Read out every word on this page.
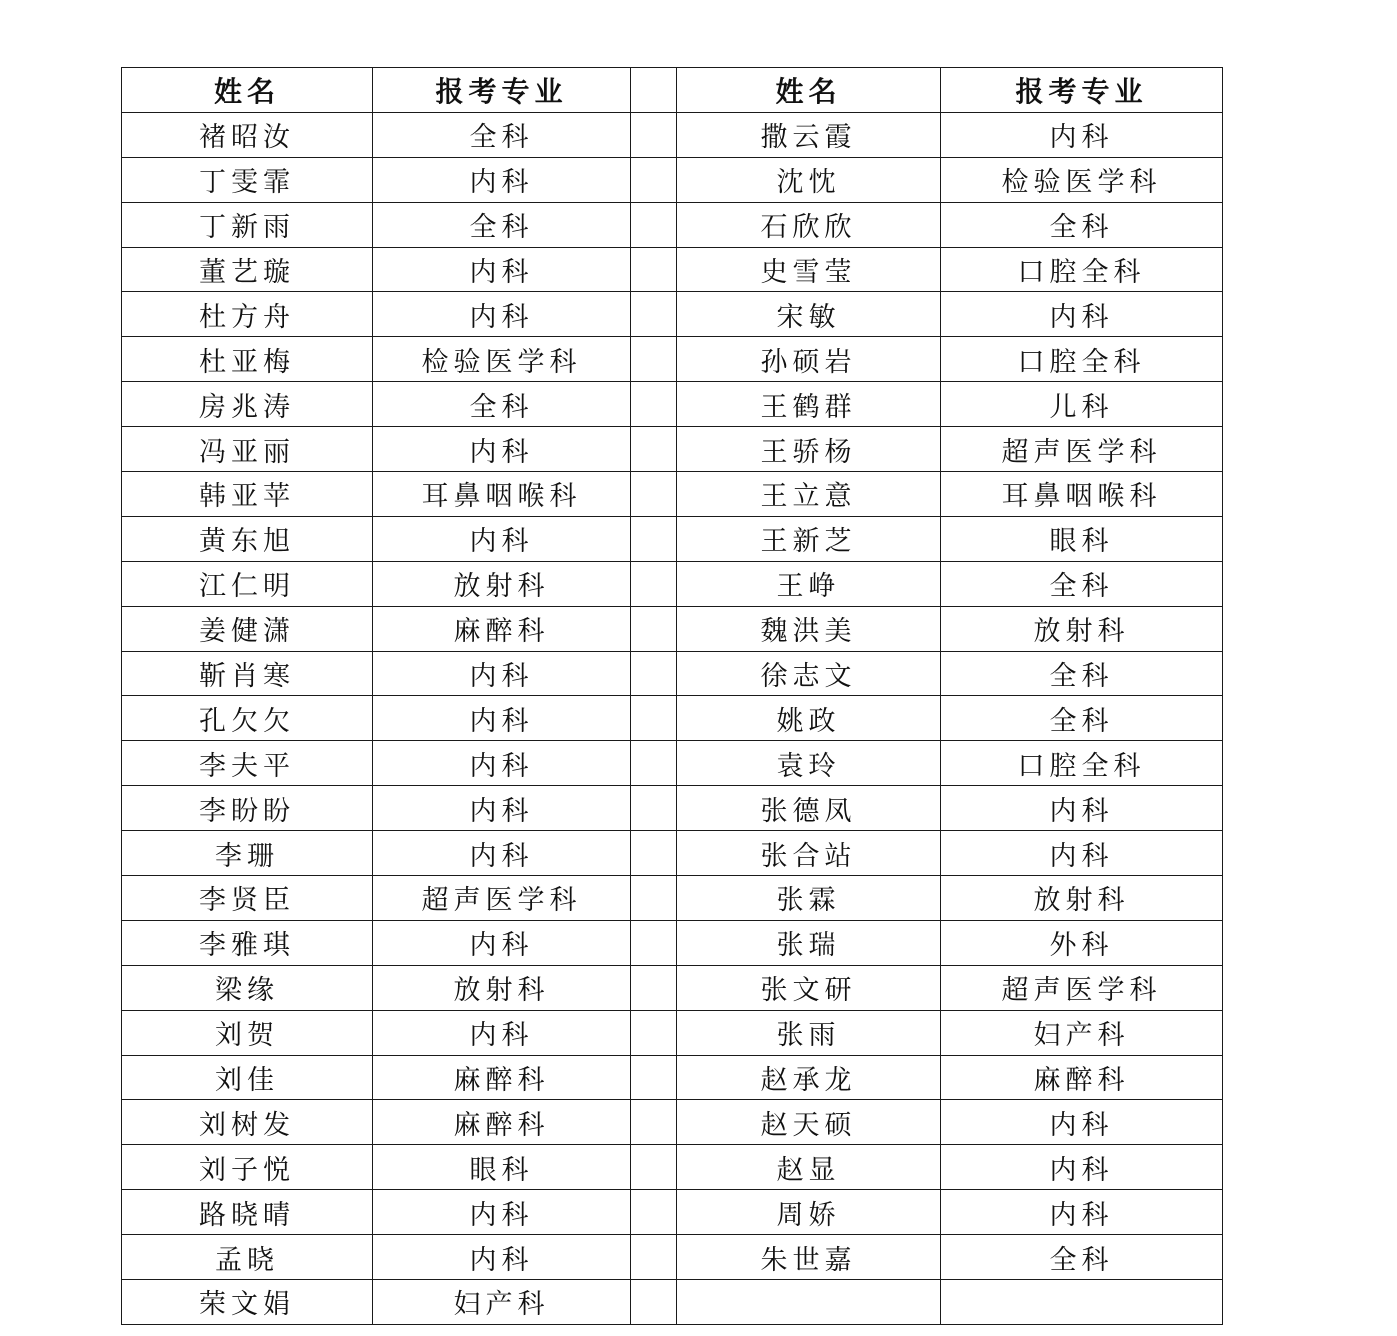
姓名	报考专业		姓名	报考专业
褚昭汝	全科		撒云霞	内科
丁雯霏	内科		沈忱	检验医学科
丁新雨	全科		石欣欣	全科
董艺璇	内科		史雪莹	口腔全科
杜方舟	内科		宋敏	内科
杜亚梅	检验医学科		孙硕岩	口腔全科
房兆涛	全科		王鹤群	儿科
冯亚丽	内科		王骄杨	超声医学科
韩亚苹	耳鼻咽喉科		王立意	耳鼻咽喉科
黄东旭	内科		王新芝	眼科
江仁明	放射科		王峥	全科
姜健潇	麻醉科		魏洪美	放射科
靳肖寒	内科		徐志文	全科
孔欠欠	内科		姚政	全科
李夫平	内科		袁玲	口腔全科
李盼盼	内科		张德凤	内科
李珊	内科		张合站	内科
李贤臣	超声医学科		张霖	放射科
李雅琪	内科		张瑞	外科
梁缘	放射科		张文研	超声医学科
刘贺	内科		张雨	妇产科
刘佳	麻醉科		赵承龙	麻醉科
刘树发	麻醉科		赵天硕	内科
刘子悦	眼科		赵显	内科
路晓晴	内科		周娇	内科
孟晓	内科		朱世嘉	全科
荣文娟	妇产科			
